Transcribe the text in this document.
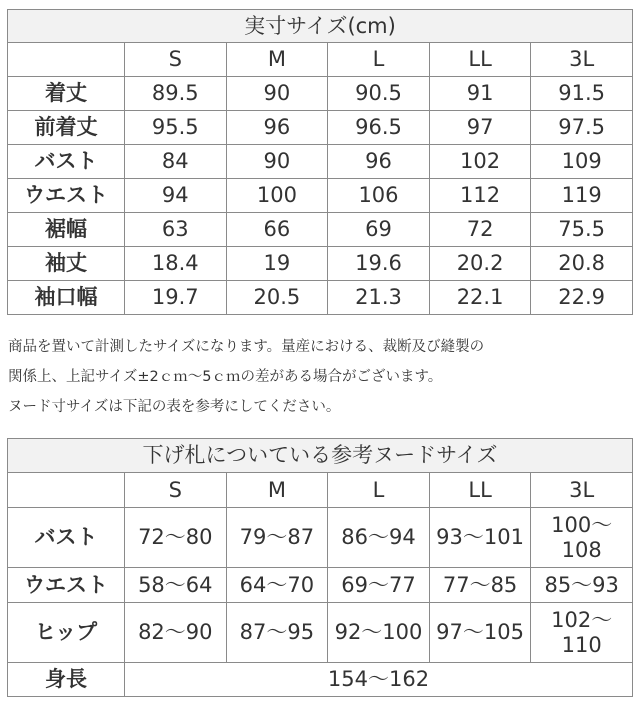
実寸サイズ(cm)					
	S	M	L	LL	3L
着丈	89.5	90	90.5	91	91.5
前着丈	95.5	96	96.5	97	97.5
バスト	84	90	96	102	109
ウエスト	94	100	106	112	119
裾幅	63	66	69	72	75.5
袖丈	18.4	19	19.6	20.2	20.8
袖口幅	19.7	20.5	21.3	22.1	22.9
商品を置いて計測したサイズになります。量産における、裁断及び縫製の
関係上、上記サイズ±2ｃｍ～5ｃｍの差がある場合がございます。
ヌード寸サイズは下記の表を参考にしてください。
下げ札についている参考ヌードサイズ					
	S	M	L	LL	3L
バスト	72～80	79～87	86～94	93～101	100～108
ウエスト	58～64	64～70	69～77	77～85	85～93
ヒップ	82～90	87～95	92～100	97～105	102～110
身長	154～162				
